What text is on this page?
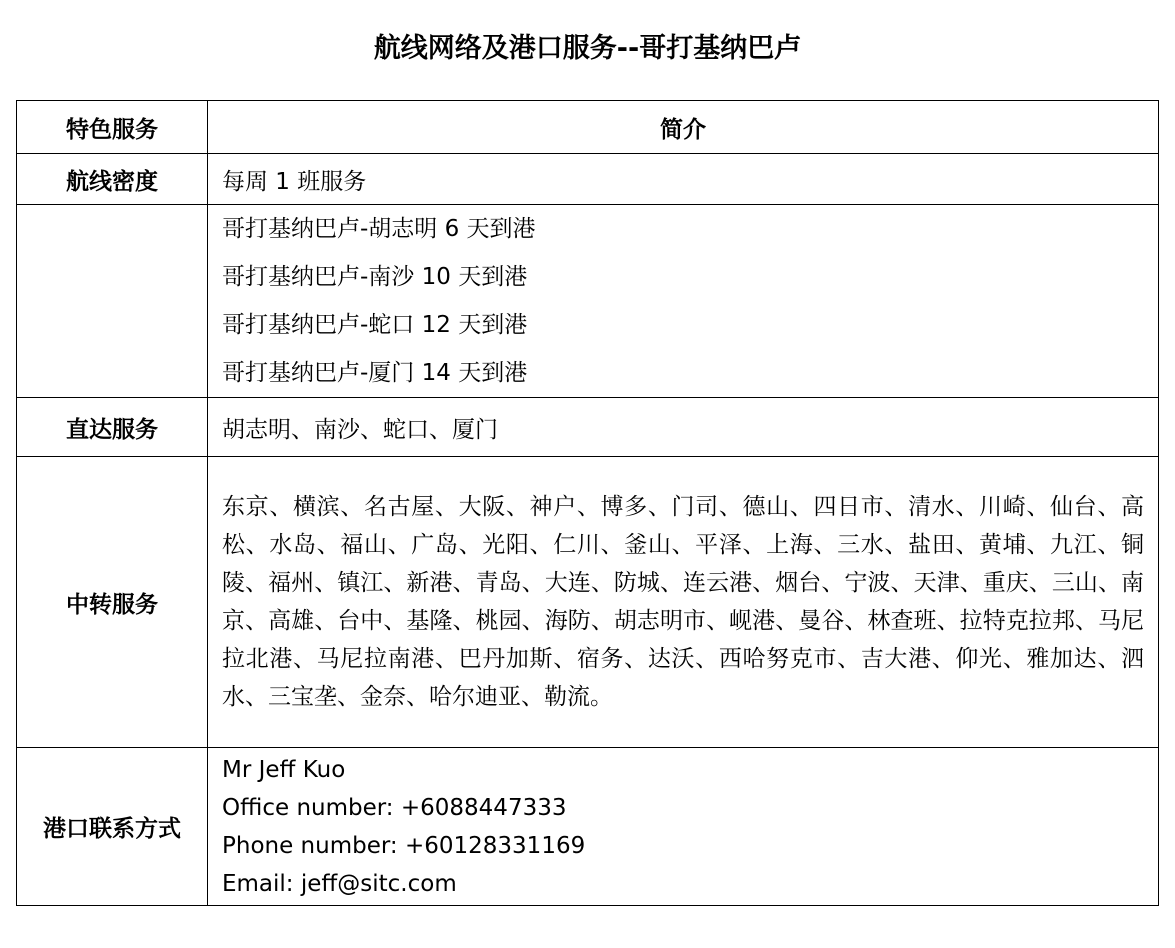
航线网络及港口服务--哥打基纳巴卢
特色服务	简介
航线密度	每周 1 班服务

	哥打基纳巴卢-胡志明 6 天到港
哥打基纳巴卢-南沙 10 天到港
哥打基纳巴卢-蛇口 12 天到港
哥打基纳巴卢-厦门 14 天到港

直达服务	胡志明、南沙、蛇口、厦门
中转服务	东京、横滨、名古屋、大阪、神户、博多、门司、德山、四日市、清水、川崎、仙台、高松、水岛、福山、广岛、光阳、仁川、釜山、平泽、上海、三水、盐田、黄埔、九江、铜陵、福州、镇江、新港、青岛、大连、防城、连云港、烟台、宁波、天津、重庆、三山、南京、高雄、台中、基隆、桃园、海防、胡志明市、岘港、曼谷、林查班、拉特克拉邦、马尼拉北港、马尼拉南港、巴丹加斯、宿务、达沃、西哈努克市、吉大港、仰光、雅加达、泗水、三宝垄、金奈、哈尔迪亚、勒流。

港口联系方式	Mr Jeff Kuo
Office number: +6088447333
Phone number: +60128331169
Email: jeff@sitc.com
